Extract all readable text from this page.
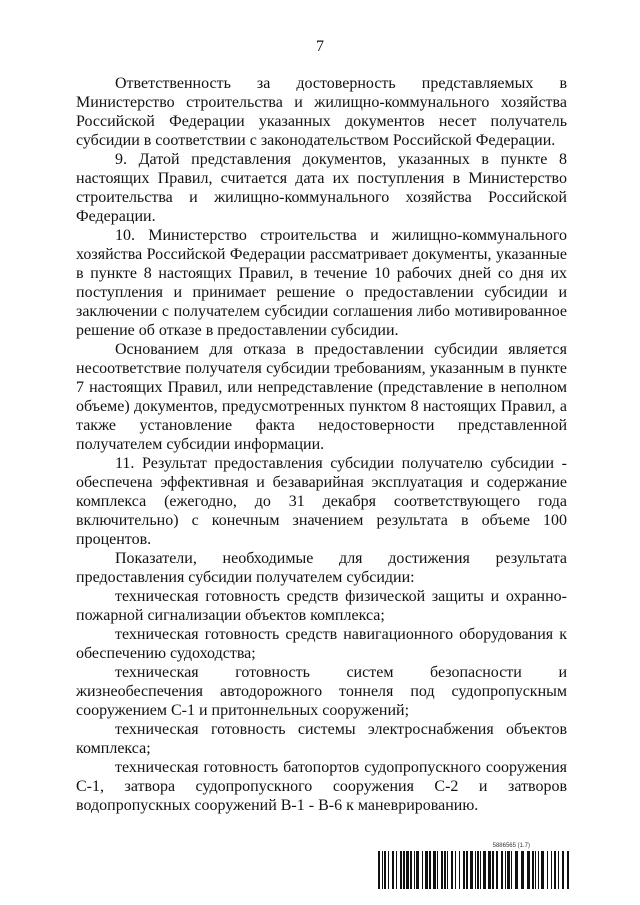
7

Ответственность за достоверность представляемых в Министерство строительства и жилищно-коммунального хозяйства Российской Федерации указанных документов несет получатель субсидии в соответствии с законодательством Российской Федерации.

9. Датой представления документов, указанных в пункте 8 настоящих Правил, считается дата их поступления в Министерство строительства и жилищно-коммунального хозяйства Российской Федерации.

10. Министерство строительства и жилищно-коммунального хозяйства Российской Федерации рассматривает документы, указанные в пункте 8 настоящих Правил, в течение 10 рабочих дней со дня их поступления и принимает решение о предоставлении субсидии и заключении с получателем субсидии соглашения либо мотивированное решение об отказе в предоставлении субсидии.

Основанием для отказа в предоставлении субсидии является несоответствие получателя субсидии требованиям, указанным в пункте 7 настоящих Правил, или непредставление (представление в неполном объеме) документов, предусмотренных пунктом 8 настоящих Правил, а также установление факта недостоверности представленной получателем субсидии информации.

11. Результат предоставления субсидии получателю субсидии - обеспечена эффективная и безаварийная эксплуатация и содержание комплекса (ежегодно, до 31 декабря соответствующего года включительно) с конечным значением результата в объеме 100 процентов.

Показатели, необходимые для достижения результата предоставления субсидии получателем субсидии:

техническая готовность средств физической защиты и охранно-пожарной сигнализации объектов комплекса;

техническая готовность средств навигационного оборудования к обеспечению судоходства;

техническая готовность систем безопасности и жизнеобеспечения автодорожного тоннеля под судопропускным сооружением С-1 и притоннельных сооружений;

техническая готовность системы электроснабжения объектов комплекса;

техническая готовность батопортов судопропускного сооружения С-1, затвора судопропускного сооружения С-2 и затворов водопропускных сооружений В-1 - В-6 к маневрированию.

5886565 (1.7)
